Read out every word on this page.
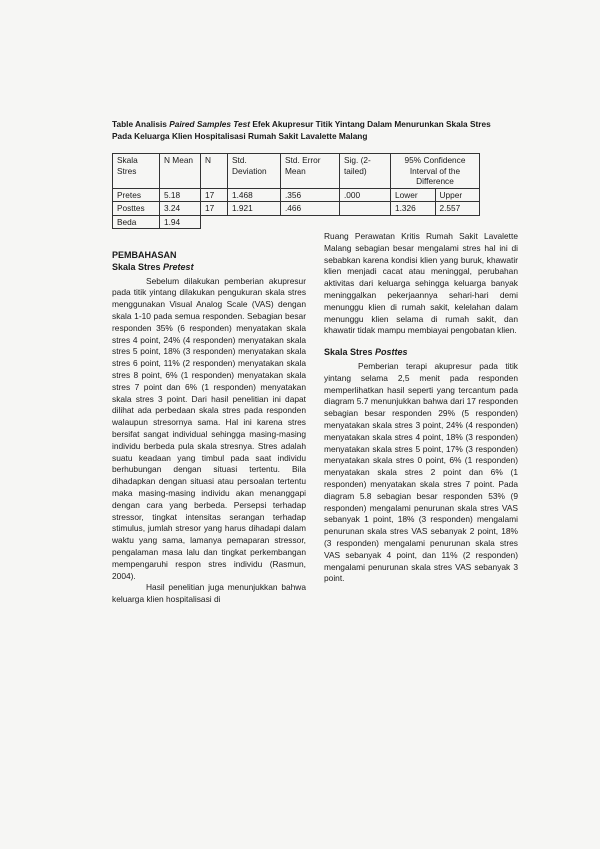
Table Analisis Paired Samples Test Efek Akupresur Titik Yintang Dalam Menurunkan Skala Stres Pada Keluarga Klien Hospitalisasi Rumah Sakit Lavalette Malang
Skala Stres	N Mean	N	Std. Deviation	Std. Error Mean	Sig. (2-tailed)	95% Confidence Interval of the Difference	
Pretes	5.18	17	1.468	.356	.000	Lower	Upper
Posttes	3.24	17	1.921	.466		1.326	2.557
Beda	1.94						
PEMBAHASAN
Skala Stres Pretest

Sebelum dilakukan pemberian akupresur pada titik yintang dilakukan pengukuran skala stres menggunakan Visual Analog Scale (VAS) dengan skala 1-10 pada semua responden. Sebagian besar responden 35% (6 responden) menyatakan skala stres 4 point, 24% (4 responden) menyatakan skala stres 5 point, 18% (3 responden) menyatakan skala stres 6 point, 11% (2 responden) menyatakan skala stres 8 point, 6% (1 responden) menyatakan skala stres 7 point dan 6% (1 responden) menyatakan skala stres 3 point. Dari hasil penelitian ini dapat dilihat ada perbedaan skala stres pada responden walaupun stresornya sama. Hal ini karena stres bersifat sangat individual sehingga masing-masing individu berbeda pula skala stresnya. Stres adalah suatu keadaan yang timbul pada saat individu berhubungan dengan situasi tertentu. Bila dihadapkan dengan situasi atau persoalan tertentu maka masing-masing individu akan menanggapi dengan cara yang berbeda. Persepsi terhadap stressor, tingkat intensitas serangan terhadap stimulus, jumlah stresor yang harus dihadapi dalam waktu yang sama, lamanya pemaparan stressor, pengalaman masa lalu dan tingkat perkembangan mempengaruhi respon stres individu (Rasmun, 2004).

Hasil penelitian juga menunjukkan bahwa keluarga klien hospitalisasi di

Ruang Perawatan Kritis Rumah Sakit Lavalette Malang sebagian besar mengalami stres hal ini di sebabkan karena kondisi klien yang buruk, khawatir klien menjadi cacat atau meninggal, perubahan aktivitas dari keluarga sehingga keluarga banyak meninggalkan pekerjaannya sehari-hari demi menunggu klien di rumah sakit, kelelahan dalam menunggu klien selama di rumah sakit, dan khawatir tidak mampu membiayai pengobatan klien.

Skala Stres Posttes

Pemberian terapi akupresur pada titik yintang selama 2,5 menit pada responden memperlihatkan hasil seperti yang tercantum pada diagram 5.7 menunjukkan bahwa dari 17 responden sebagian besar responden 29% (5 responden) menyatakan skala stres 3 point, 24% (4 responden) menyatakan skala stres 4 point, 18% (3 responden) menyatakan skala stres 5 point, 17% (3 responden) menyatakan skala stres 0 point, 6% (1 responden) menyatakan skala stres 2 point dan 6% (1 responden) menyatakan skala stres 7 point. Pada diagram 5.8 sebagian besar responden 53% (9 responden) mengalami penurunan skala stres VAS sebanyak 1 point, 18% (3 responden) mengalami penurunan skala stres VAS sebanyak 2 point, 18% (3 responden) mengalami penurunan skala stres VAS sebanyak 4 point, dan 11% (2 responden) mengalami penurunan skala stres VAS sebanyak 3 point.
